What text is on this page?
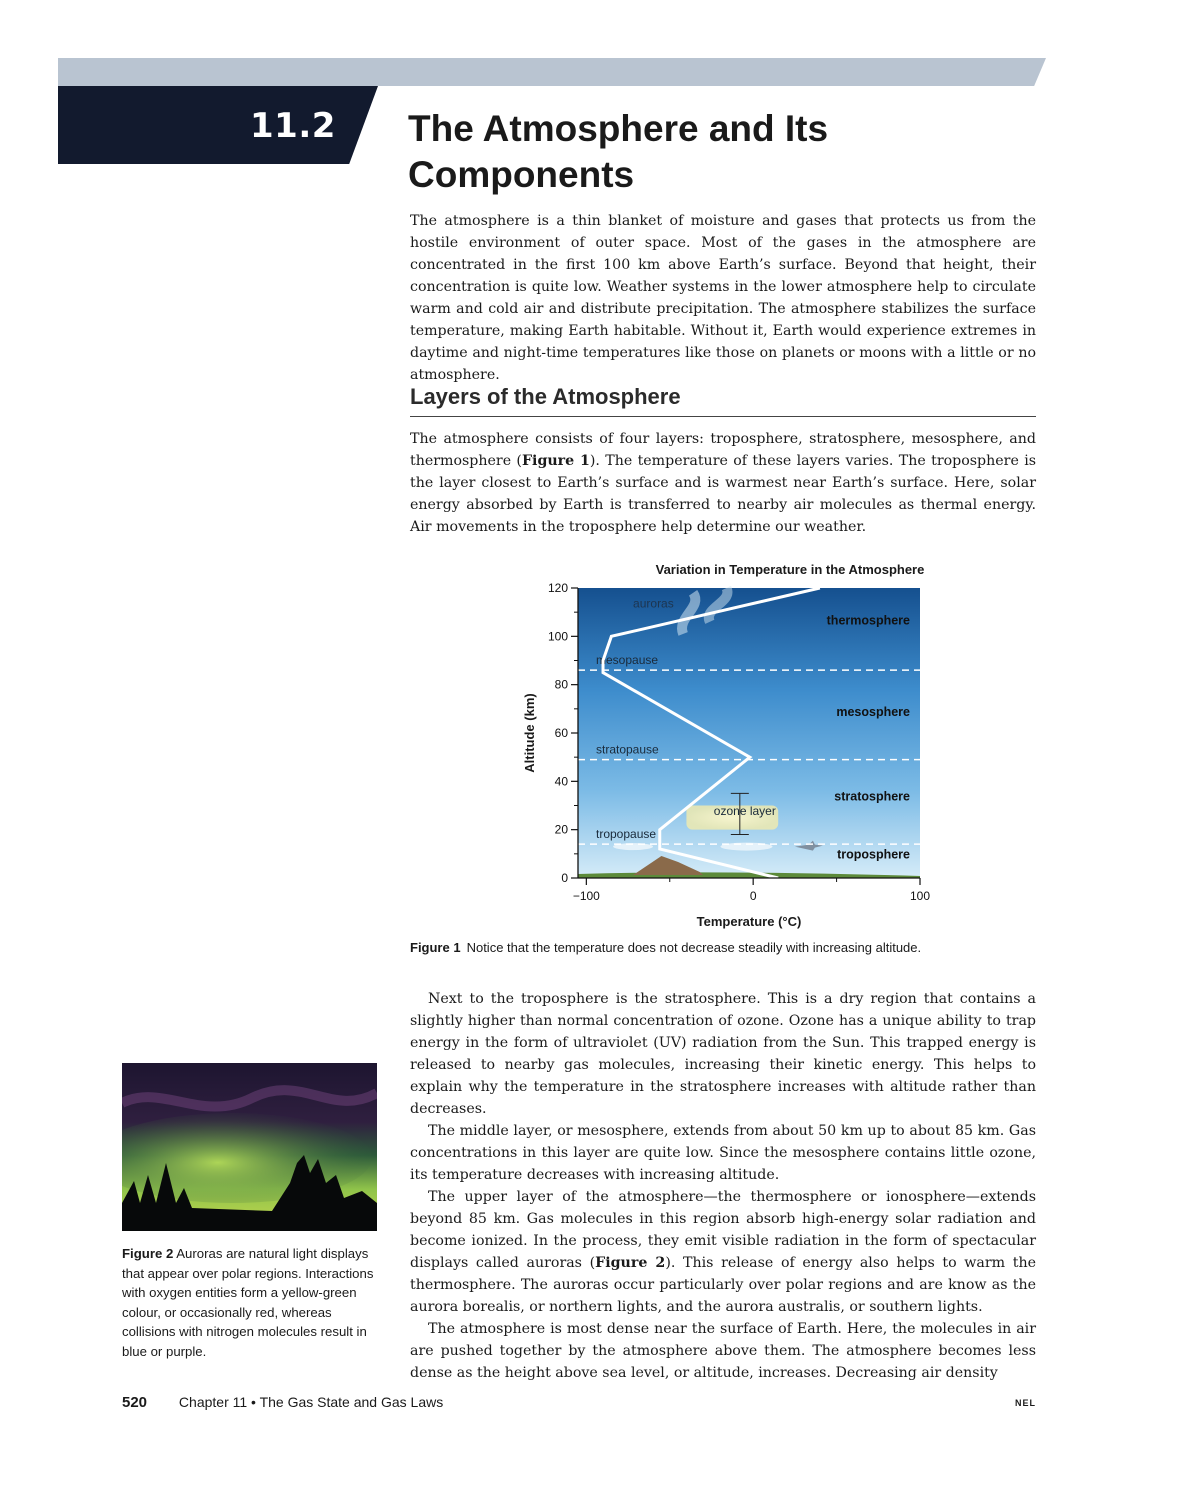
11.2 The Atmosphere and Its Components

The atmosphere is a thin blanket of moisture and gases that protects us from the hostile environment of outer space. Most of the gases in the atmosphere are concentrated in the first 100 km above Earth’s surface. Beyond that height, their concentration is quite low. Weather systems in the lower atmosphere help to circulate warm and cold air and distribute precipitation. The atmosphere stabilizes the surface temperature, making Earth habitable. Without it, Earth would experience extremes in daytime and night-time temperatures like those on planets or moons with a little or no atmosphere.

Layers of the Atmosphere

The atmosphere consists of four layers: troposphere, stratosphere, mesosphere, and thermosphere (Figure 1). The temperature of these layers varies. The troposphere is the layer closest to Earth’s surface and is warmest near Earth’s surface. Here, solar energy absorbed by Earth is transferred to nearby air molecules as thermal energy. Air movements in the troposphere help determine our weather.

Variation in Temperature in the Atmosphere
tropopause
stratopause
mesopause
ozone layer
0
20
40
60
80
100
120
−100	0	100
thermosphere
mesosphere
stratosphere
troposphere
auroras
Temperature (°C)
Altitude (km)
Figure 1 Notice that the temperature does not decrease steadily with increasing altitude.

Next to the troposphere is the stratosphere. This is a dry region that contains a slightly higher than normal concentration of ozone. Ozone has a unique ability to trap energy in the form of ultraviolet (UV) radiation from the Sun. This trapped energy is released to nearby gas molecules, increasing their kinetic energy. This helps to explain why the temperature in the stratosphere increases with altitude rather than decreases.

The middle layer, or mesosphere, extends from about 50 km up to about 85 km. Gas concentrations in this layer are quite low. Since the mesosphere contains little ozone, its temperature decreases with increasing altitude.

The upper layer of the atmosphere—the thermosphere or ionosphere—extends beyond 85 km. Gas molecules in this region absorb high-energy solar radiation and become ionized. In the process, they emit visible radiation in the form of spectacular displays called auroras (Figure 2). This release of energy also helps to warm the thermosphere. The auroras occur particularly over polar regions and are know as the aurora borealis, or northern lights, and the aurora australis, or southern lights.

The atmosphere is most dense near the surface of Earth. Here, the molecules in air are pushed together by the atmosphere above them. The atmosphere becomes less dense as the height above sea level, or altitude, increases. Decreasing air density

Figure 2 Auroras are natural light displays that appear over polar regions. Interactions with oxygen entities form a yellow-green colour, or occasionally red, whereas collisions with nitrogen molecules result in blue or purple.
520 Chapter 11 • The Gas State and Gas Laws	NEL
